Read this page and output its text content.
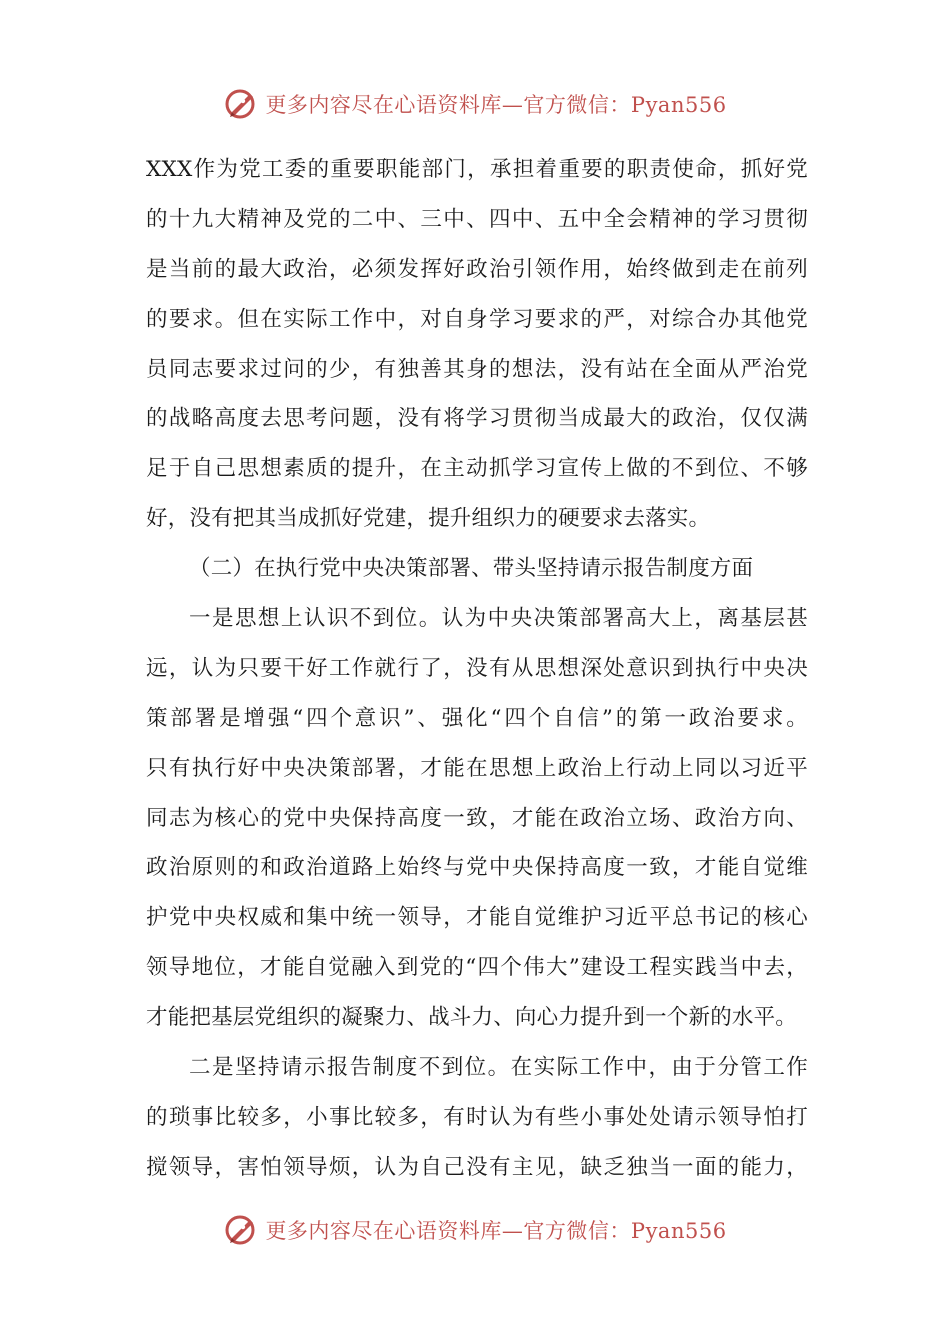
更多内容尽在心语资料库—官方微信：Pyan556
XXX作为党工委的重要职能部门，承担着重要的职责使命，抓好党
的十九大精神及党的二中、三中、四中、五中全会精神的学习贯彻
是当前的最大政治，必须发挥好政治引领作用，始终做到走在前列
的要求。但在实际工作中，对自身学习要求的严，对综合办其他党
员同志要求过问的少，有独善其身的想法，没有站在全面从严治党
的战略高度去思考问题，没有将学习贯彻当成最大的政治，仅仅满
足于自己思想素质的提升，在主动抓学习宣传上做的不到位、不够
好，没有把其当成抓好党建，提升组织力的硬要求去落实。
（二）在执行党中央决策部署、带头坚持请示报告制度方面
一是思想上认识不到位。认为中央决策部署高大上，离基层甚
远，认为只要干好工作就行了，没有从思想深处意识到执行中央决
策部署是增强“四个意识”、强化“四个自信”的第一政治要求。
只有执行好中央决策部署，才能在思想上政治上行动上同以习近平
同志为核心的党中央保持高度一致，才能在政治立场、政治方向、
政治原则的和政治道路上始终与党中央保持高度一致，才能自觉维
护党中央权威和集中统一领导，才能自觉维护习近平总书记的核心
领导地位，才能自觉融入到党的“四个伟大”建设工程实践当中去，
才能把基层党组织的凝聚力、战斗力、向心力提升到一个新的水平。
二是坚持请示报告制度不到位。在实际工作中，由于分管工作
的琐事比较多，小事比较多，有时认为有些小事处处请示领导怕打
搅领导，害怕领导烦，认为自己没有主见，缺乏独当一面的能力，
更多内容尽在心语资料库—官方微信：Pyan556
